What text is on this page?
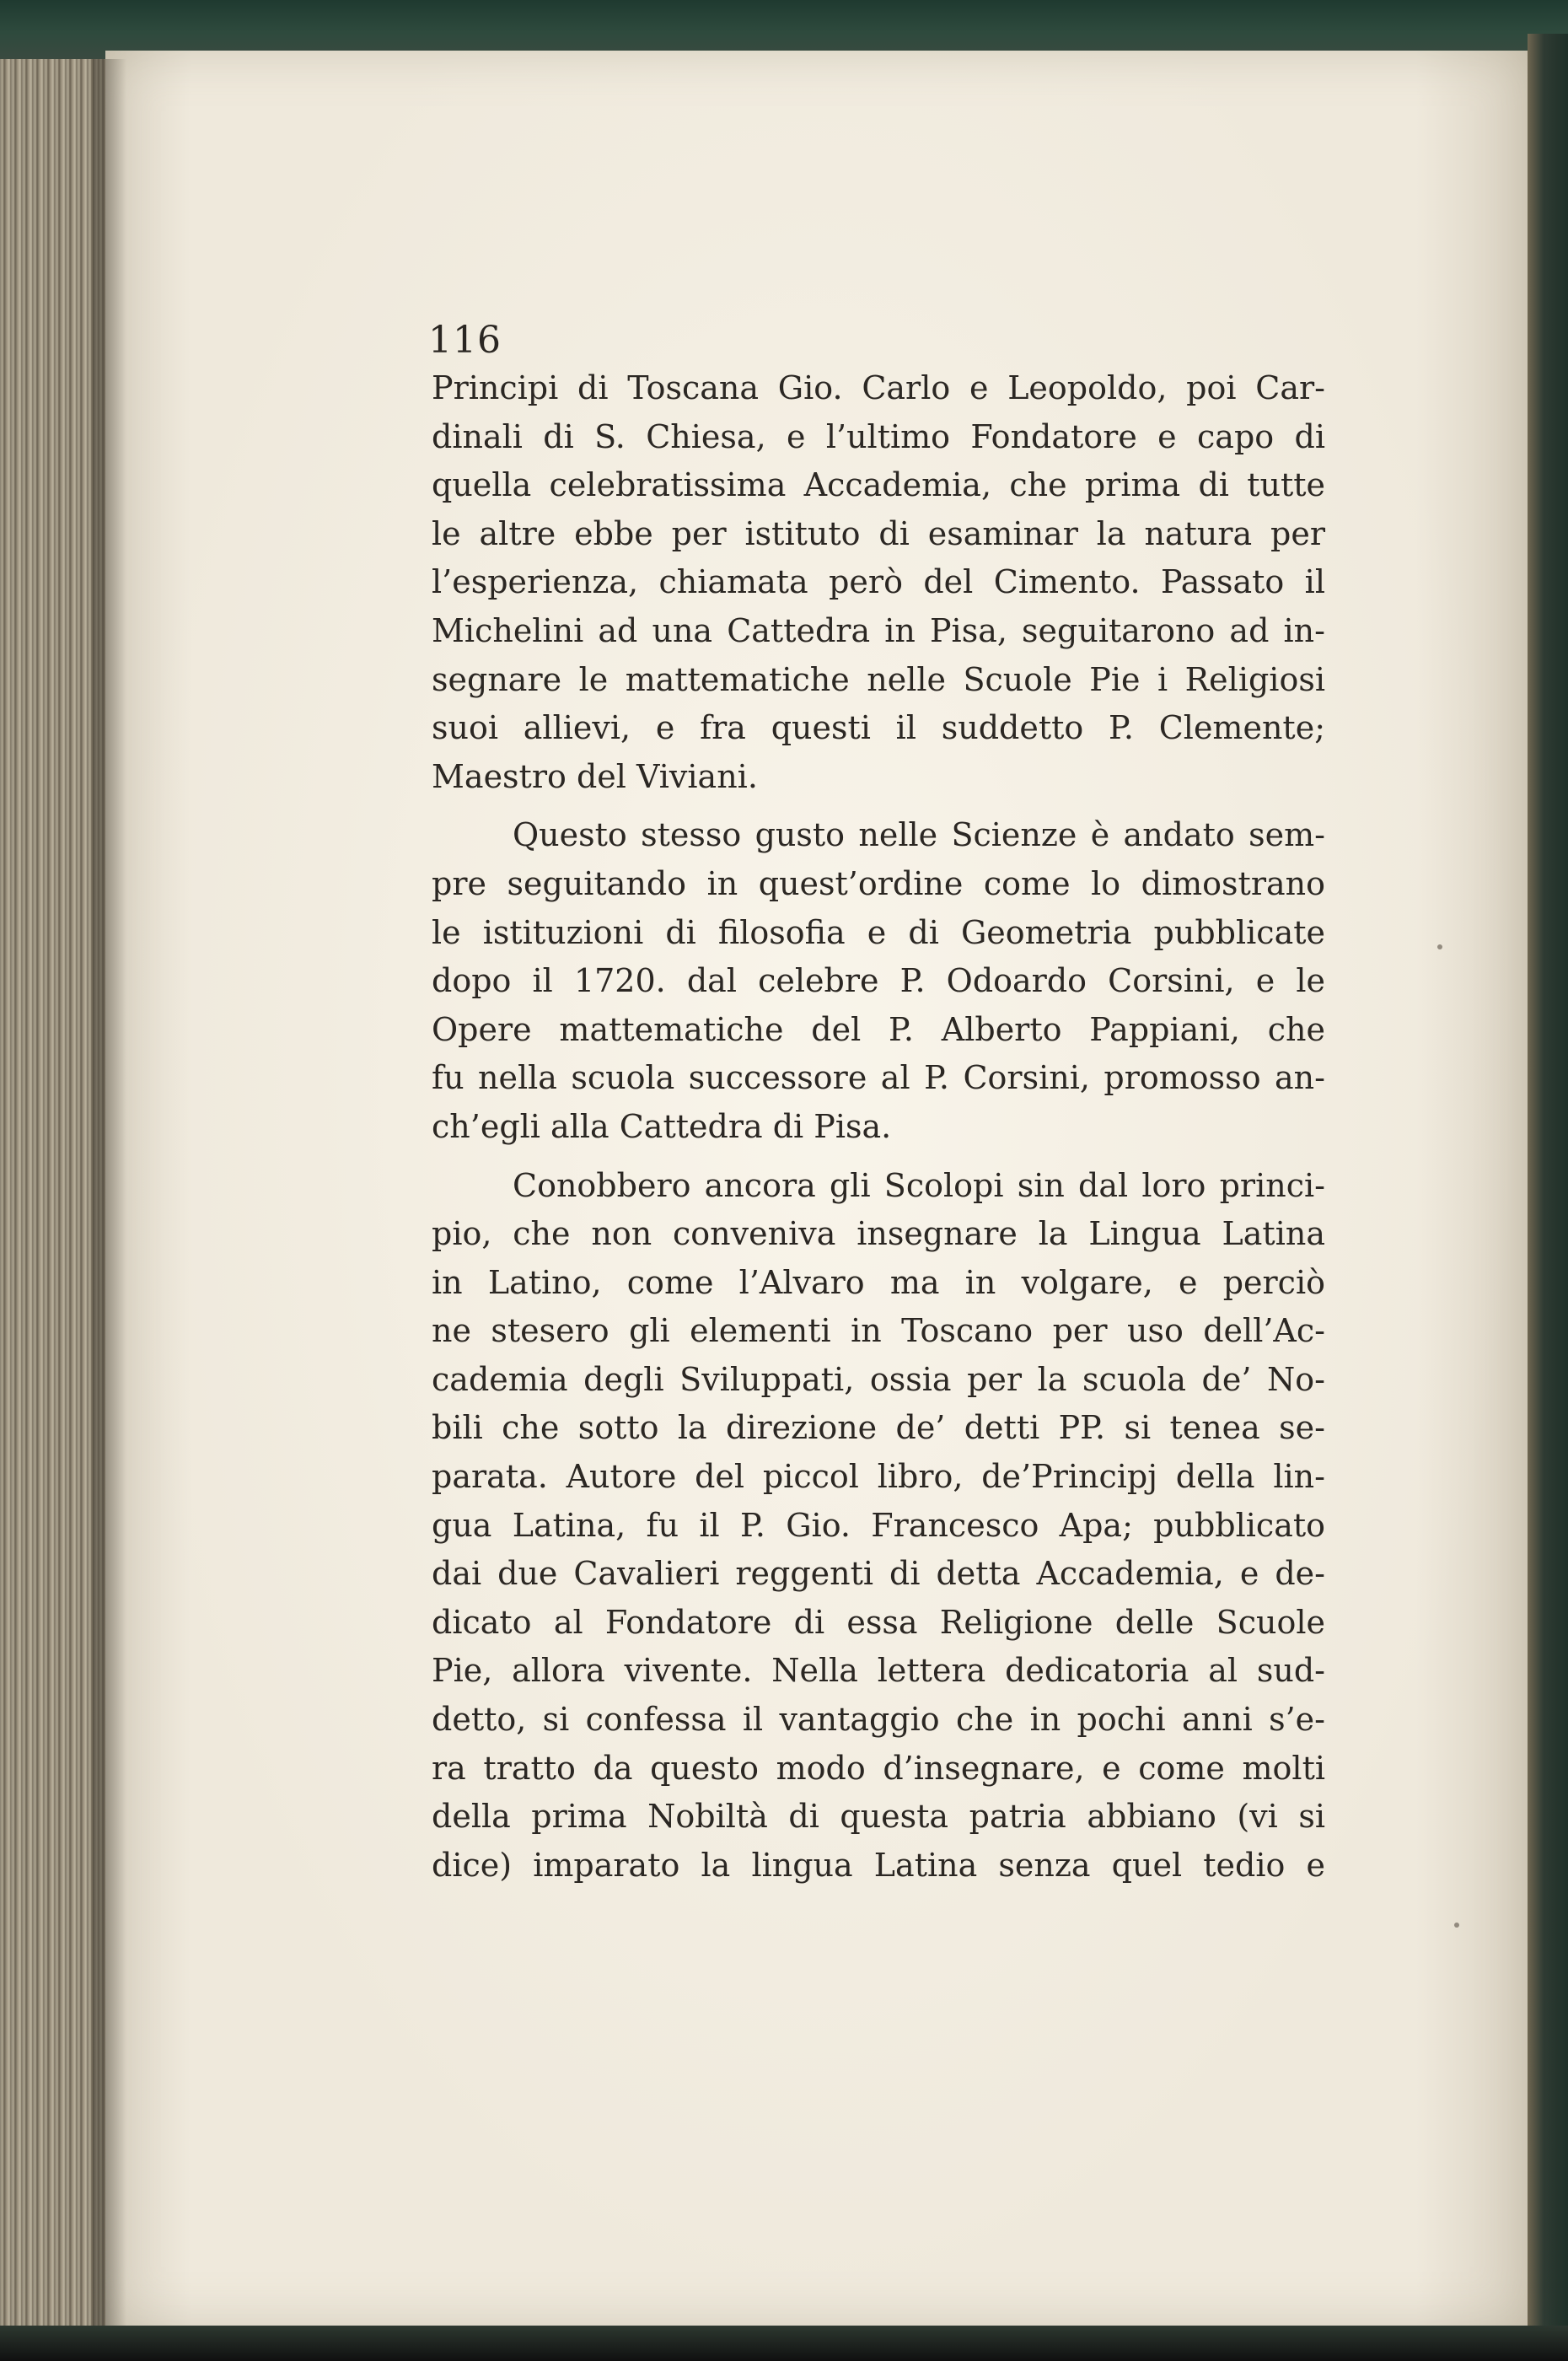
116
Principi di Toscana Gio. Carlo e Leopoldo, poi Car-
dinali di S. Chiesa, e l’ultimo Fondatore e capo di
quella celebratissima Accademia, che prima di tutte
le altre ebbe per istituto di esaminar la natura per
l’esperienza, chiamata però del Cimento. Passato il
Michelini ad una Cattedra in Pisa, seguitarono ad in-
segnare le mattematiche nelle Scuole Pie i Religiosi
suoi allievi, e fra questi il suddetto P. Clemente;
Maestro del Viviani.
Questo stesso gusto nelle Scienze è andato sem-
pre seguitando in quest’ordine come lo dimostrano
le istituzioni di filosofia e di Geometria pubblicate
dopo il 1720. dal celebre P. Odoardo Corsini, e le
Opere mattematiche del P. Alberto Pappiani, che
fu nella scuola successore al P. Corsini, promosso an-
ch’egli alla Cattedra di Pisa.
Conobbero ancora gli Scolopi sin dal loro princi-
pio, che non conveniva insegnare la Lingua Latina
in Latino, come l’Alvaro ma in volgare, e perciò
ne stesero gli elementi in Toscano per uso dell’Ac-
cademia degli Sviluppati, ossia per la scuola de’ No-
bili che sotto la direzione de’ detti PP. si tenea se-
parata. Autore del piccol libro, de’Principj della lin-
gua Latina, fu il P. Gio. Francesco Apa; pubblicato
dai due Cavalieri reggenti di detta Accademia, e de-
dicato al Fondatore di essa Religione delle Scuole
Pie, allora vivente. Nella lettera dedicatoria al sud-
detto, si confessa il vantaggio che in pochi anni s’e-
ra tratto da questo modo d’insegnare, e come molti
della prima Nobiltà di questa patria abbiano (vi si
dice) imparato la lingua Latina senza quel tedio e
